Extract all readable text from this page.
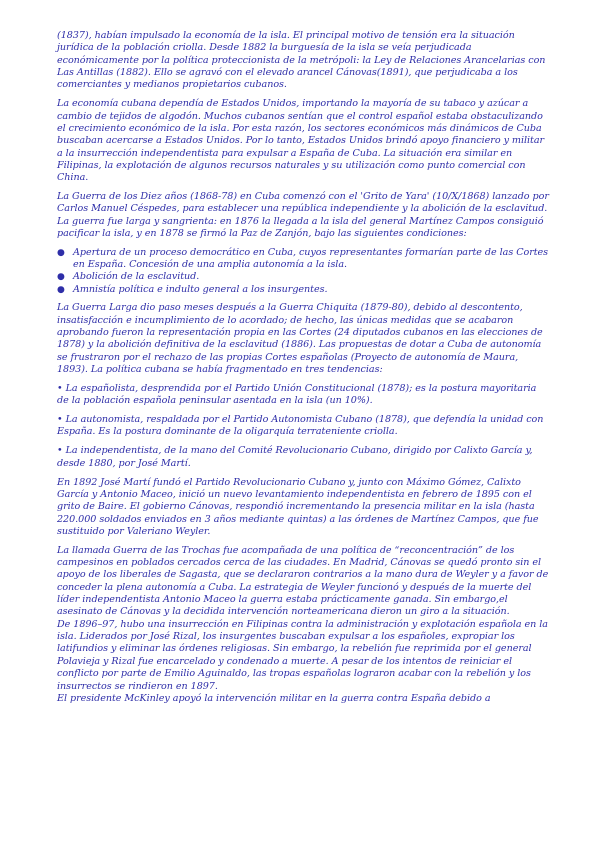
(1837), habían impulsado la economía de la isla. El principal motivo de tensión era la situación jurídica de la población criolla. Desde 1882 la burguesía de la isla se veía perjudicada económicamente por la política proteccionista de la metrópoli: la Ley de Relaciones Arancelarias con Las Antillas (1882). Ello se agravó con el elevado arancel Cánovas(1891), que perjudicaba a los comerciantes y medianos propietarios cubanos.

La economía cubana dependía de Estados Unidos, importando la mayoría de su tabaco y azúcar a cambio de tejidos de algodón. Muchos cubanos sentían que el control español estaba obstaculizando el crecimiento económico de la isla. Por esta razón, los sectores económicos más dinámicos de Cuba buscaban acercarse a Estados Unidos. Por lo tanto, Estados Unidos brindó apoyo financiero y militar a la insurrección independentista para expulsar a España de Cuba. La situación era similar en Filipinas, la explotación de algunos recursos naturales y su utilización como punto comercial con China.

La Guerra de los Diez años (1868-78) en Cuba comenzó con el 'Grito de Yara' (10/X/1868) lanzado por Carlos Manuel Céspedes, para establecer una república independiente y la abolición de la esclavitud. La guerra fue larga y sangrienta: en 1876 la llegada a la isla del general Martínez Campos consiguió pacificar la isla, y en 1878 se firmó la Paz de Zanjón, bajo las siguientes condiciones:

● Apertura de un proceso democrático en Cuba, cuyos representantes formarían parte de las Cortes en España. Concesión de una amplia autonomía a la isla.
● Abolición de la esclavitud.
● Amnistía política e indulto general a los insurgentes.

La Guerra Larga dio paso meses después a la Guerra Chiquita (1879-80), debido al descontento, insatisfacción e incumplimiento de lo acordado; de hecho, las únicas medidas que se acabaron aprobando fueron la representación propia en las Cortes (24 diputados cubanos en las elecciones de 1878) y la abolición definitiva de la esclavitud (1886). Las propuestas de dotar a Cuba de autonomía se frustraron por el rechazo de las propias Cortes españolas (Proyecto de autonomía de Maura, 1893). La política cubana se había fragmentado en tres tendencias:

• La españolista, desprendida por el Partido Unión Constitucional (1878); es la postura mayoritaria de la población española peninsular asentada en la isla (un 10%).

• La autonomista, respaldada por el Partido Autonomista Cubano (1878), que defendía la unidad con España. Es la postura dominante de la oligarquía terrateniente criolla.

• La independentista, de la mano del Comité Revolucionario Cubano, dirigido por Calixto García y, desde 1880, por José Martí.

En 1892 José Martí fundó el Partido Revolucionario Cubano y, junto con Máximo Gómez, Calixto García y Antonio Maceo, inició un nuevo levantamiento independentista en febrero de 1895 con el grito de Baire. El gobierno Cánovas, respondió incrementando la presencia militar en la isla (hasta 220.000 soldados enviados en 3 años mediante quintas) a las órdenes de Martínez Campos, que fue sustituido por Valeriano Weyler.

La llamada Guerra de las Trochas fue acompañada de una política de “reconcentración” de los campesinos en poblados cercados cerca de las ciudades. En Madrid, Cánovas se quedó pronto sin el apoyo de los liberales de Sagasta, que se declararon contrarios a la mano dura de Weyler y a favor de conceder la plena autonomía a Cuba. La estrategia de Weyler funcionó y después de la muerte del líder independentista Antonio Maceo la guerra estaba prácticamente ganada. Sin embargo,el asesinato de Cánovas y la decidida intervención norteamericana dieron un giro a la situación.

De 1896–97, hubo una insurrección en Filipinas contra la administración y explotación española en la isla. Liderados por José Rizal, los insurgentes buscaban expulsar a los españoles, expropiar los latifundios y eliminar las órdenes religiosas. Sin embargo, la rebelión fue reprimida por el general Polavieja y Rizal fue encarcelado y condenado a muerte. A pesar de los intentos de reiniciar el conflicto por parte de Emilio Aguinaldo, las tropas españolas lograron acabar con la rebelión y los insurrectos se rindieron en 1897.

El presidente McKinley apoyó la intervención militar en la guerra contra España debido a
